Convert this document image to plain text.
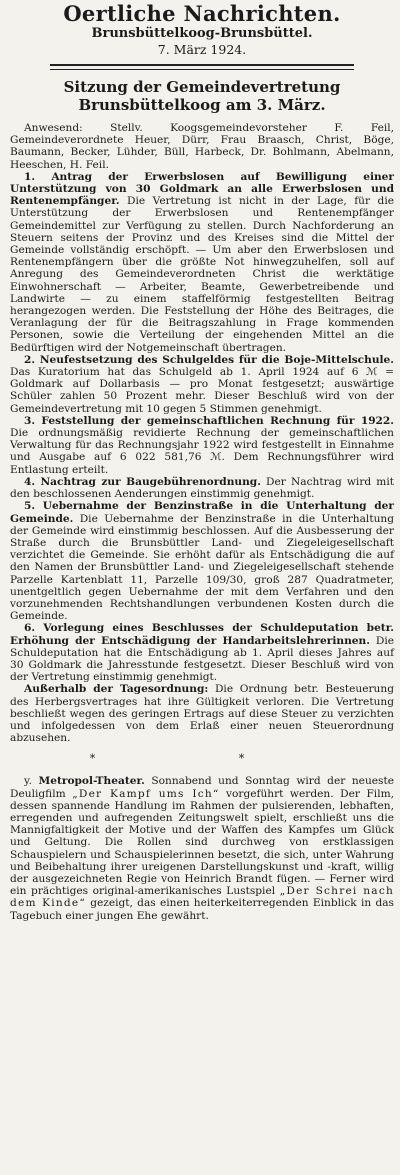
Oertliche Nachrichten.
Brunsbüttelkoog-Brunsbüttel.
7. März 1924.
Sitzung der Gemeindevertretung
Brunsbüttelkoog am 3. März.

Anwesend: Stellv. Koogsgemeindevorsteher F. Feil, Gemeindeverordnete Heuer, Dürr, Frau Braasch, Christ, Böge, Baumann, Becker, Lühder, Büll, Harbeck, Dr. Bohlmann, Abelmann, Heeschen, H. Feil.

1. Antrag der Erwerbslosen auf Bewilligung einer Unterstützung von 30 Goldmark an alle Erwerbslosen und Rentenempfänger. Die Vertretung ist nicht in der Lage, für die Unterstützung der Erwerbslosen und Rentenempfänger Gemeindemittel zur Verfügung zu stellen. Durch Nachforderung an Steuern seitens der Provinz und des Kreises sind die Mittel der Gemeinde vollständig erschöpft. — Um aber den Erwerbslosen und Rentenempfängern über die größte Not hinwegzuhelfen, soll auf Anregung des Gemeindeverordneten Christ die werktätige Einwohnerschaft — Arbeiter, Beamte, Gewerbetreibende und Landwirte — zu einem staffelförmig festgestellten Beitrag herangezogen werden. Die Feststellung der Höhe des Beitrages, die Veranlagung der für die Beitragszahlung in Frage kommenden Personen, sowie die Verteilung der eingehenden Mittel an die Bedürftigen wird der Notgemeinschaft übertragen.

2. Neufestsetzung des Schulgeldes für die Boje-Mittelschule. Das Kuratorium hat das Schulgeld ab 1. April 1924 auf 6 ℳ = Goldmark auf Dollarbasis — pro Monat festgesetzt; auswärtige Schüler zahlen 50 Prozent mehr. Dieser Beschluß wird von der Gemeindevertretung mit 10 gegen 5 Stimmen genehmigt.

3. Feststellung der gemeinschaftlichen Rechnung für 1922. Die ordnungsmäßig revidierte Rechnung der gemeinschaftlichen Verwaltung für das Rechnungsjahr 1922 wird festgestellt in Einnahme und Ausgabe auf 6 022 581,76 ℳ. Dem Rechnungsführer wird Entlastung erteilt.

4. Nachtrag zur Baugebührenordnung. Der Nachtrag wird mit den beschlossenen Aenderungen einstimmig genehmigt.

5. Uebernahme der Benzinstraße in die Unterhaltung der Gemeinde. Die Uebernahme der Benzinstraße in die Unterhaltung der Gemeinde wird einstimmig beschlossen. Auf die Ausbesserung der Straße durch die Brunsbüttler Land- und Ziegeleigesellschaft verzichtet die Gemeinde. Sie erhöht dafür als Entschädigung die auf den Namen der Brunsbüttler Land- und Ziegeleigesellschaft stehende Parzelle Kartenblatt 11, Parzelle 109/30, groß 287 Quadratmeter, unentgeltlich gegen Uebernahme der mit dem Verfahren und den vorzunehmenden Rechtshandlungen verbundenen Kosten durch die Gemeinde.

6. Vorlegung eines Beschlusses der Schuldeputation betr. Erhöhung der Entschädigung der Handarbeitslehrerinnen. Die Schuldeputation hat die Entschädigung ab 1. April dieses Jahres auf 30 Goldmark die Jahresstunde festgesetzt. Dieser Beschluß wird von der Vertretung einstimmig genehmigt.

Außerhalb der Tagesordnung: Die Ordnung betr. Besteuerung des Herbergsvertrages hat ihre Gültigkeit verloren. Die Vertretung beschließt wegen des geringen Ertrags auf diese Steuer zu verzichten und infolgedessen von dem Erlaß einer neuen Steuerordnung abzusehen.

* *

y. Metropol-Theater. Sonnabend und Sonntag wird der neueste Deuligfilm „Der Kampf ums Ich“ vorgeführt werden. Der Film, dessen spannende Handlung im Rahmen der pulsierenden, lebhaften, erregenden und aufregenden Zeitungswelt spielt, erschließt uns die Mannigfaltigkeit der Motive und der Waffen des Kampfes um Glück und Geltung. Die Rollen sind durchweg von erstklassigen Schauspielern und Schauspielerinnen besetzt, die sich, unter Wahrung und Beibehaltung ihrer ureigenen Darstellungskunst und -kraft, willig der ausgezeichneten Regie von Heinrich Brandt fügen. — Ferner wird ein prächtiges original-amerikanisches Lustspiel „Der Schrei nach dem Kinde“ gezeigt, das einen heiterkeiterregenden Einblick in das Tagebuch einer jungen Ehe gewährt.
